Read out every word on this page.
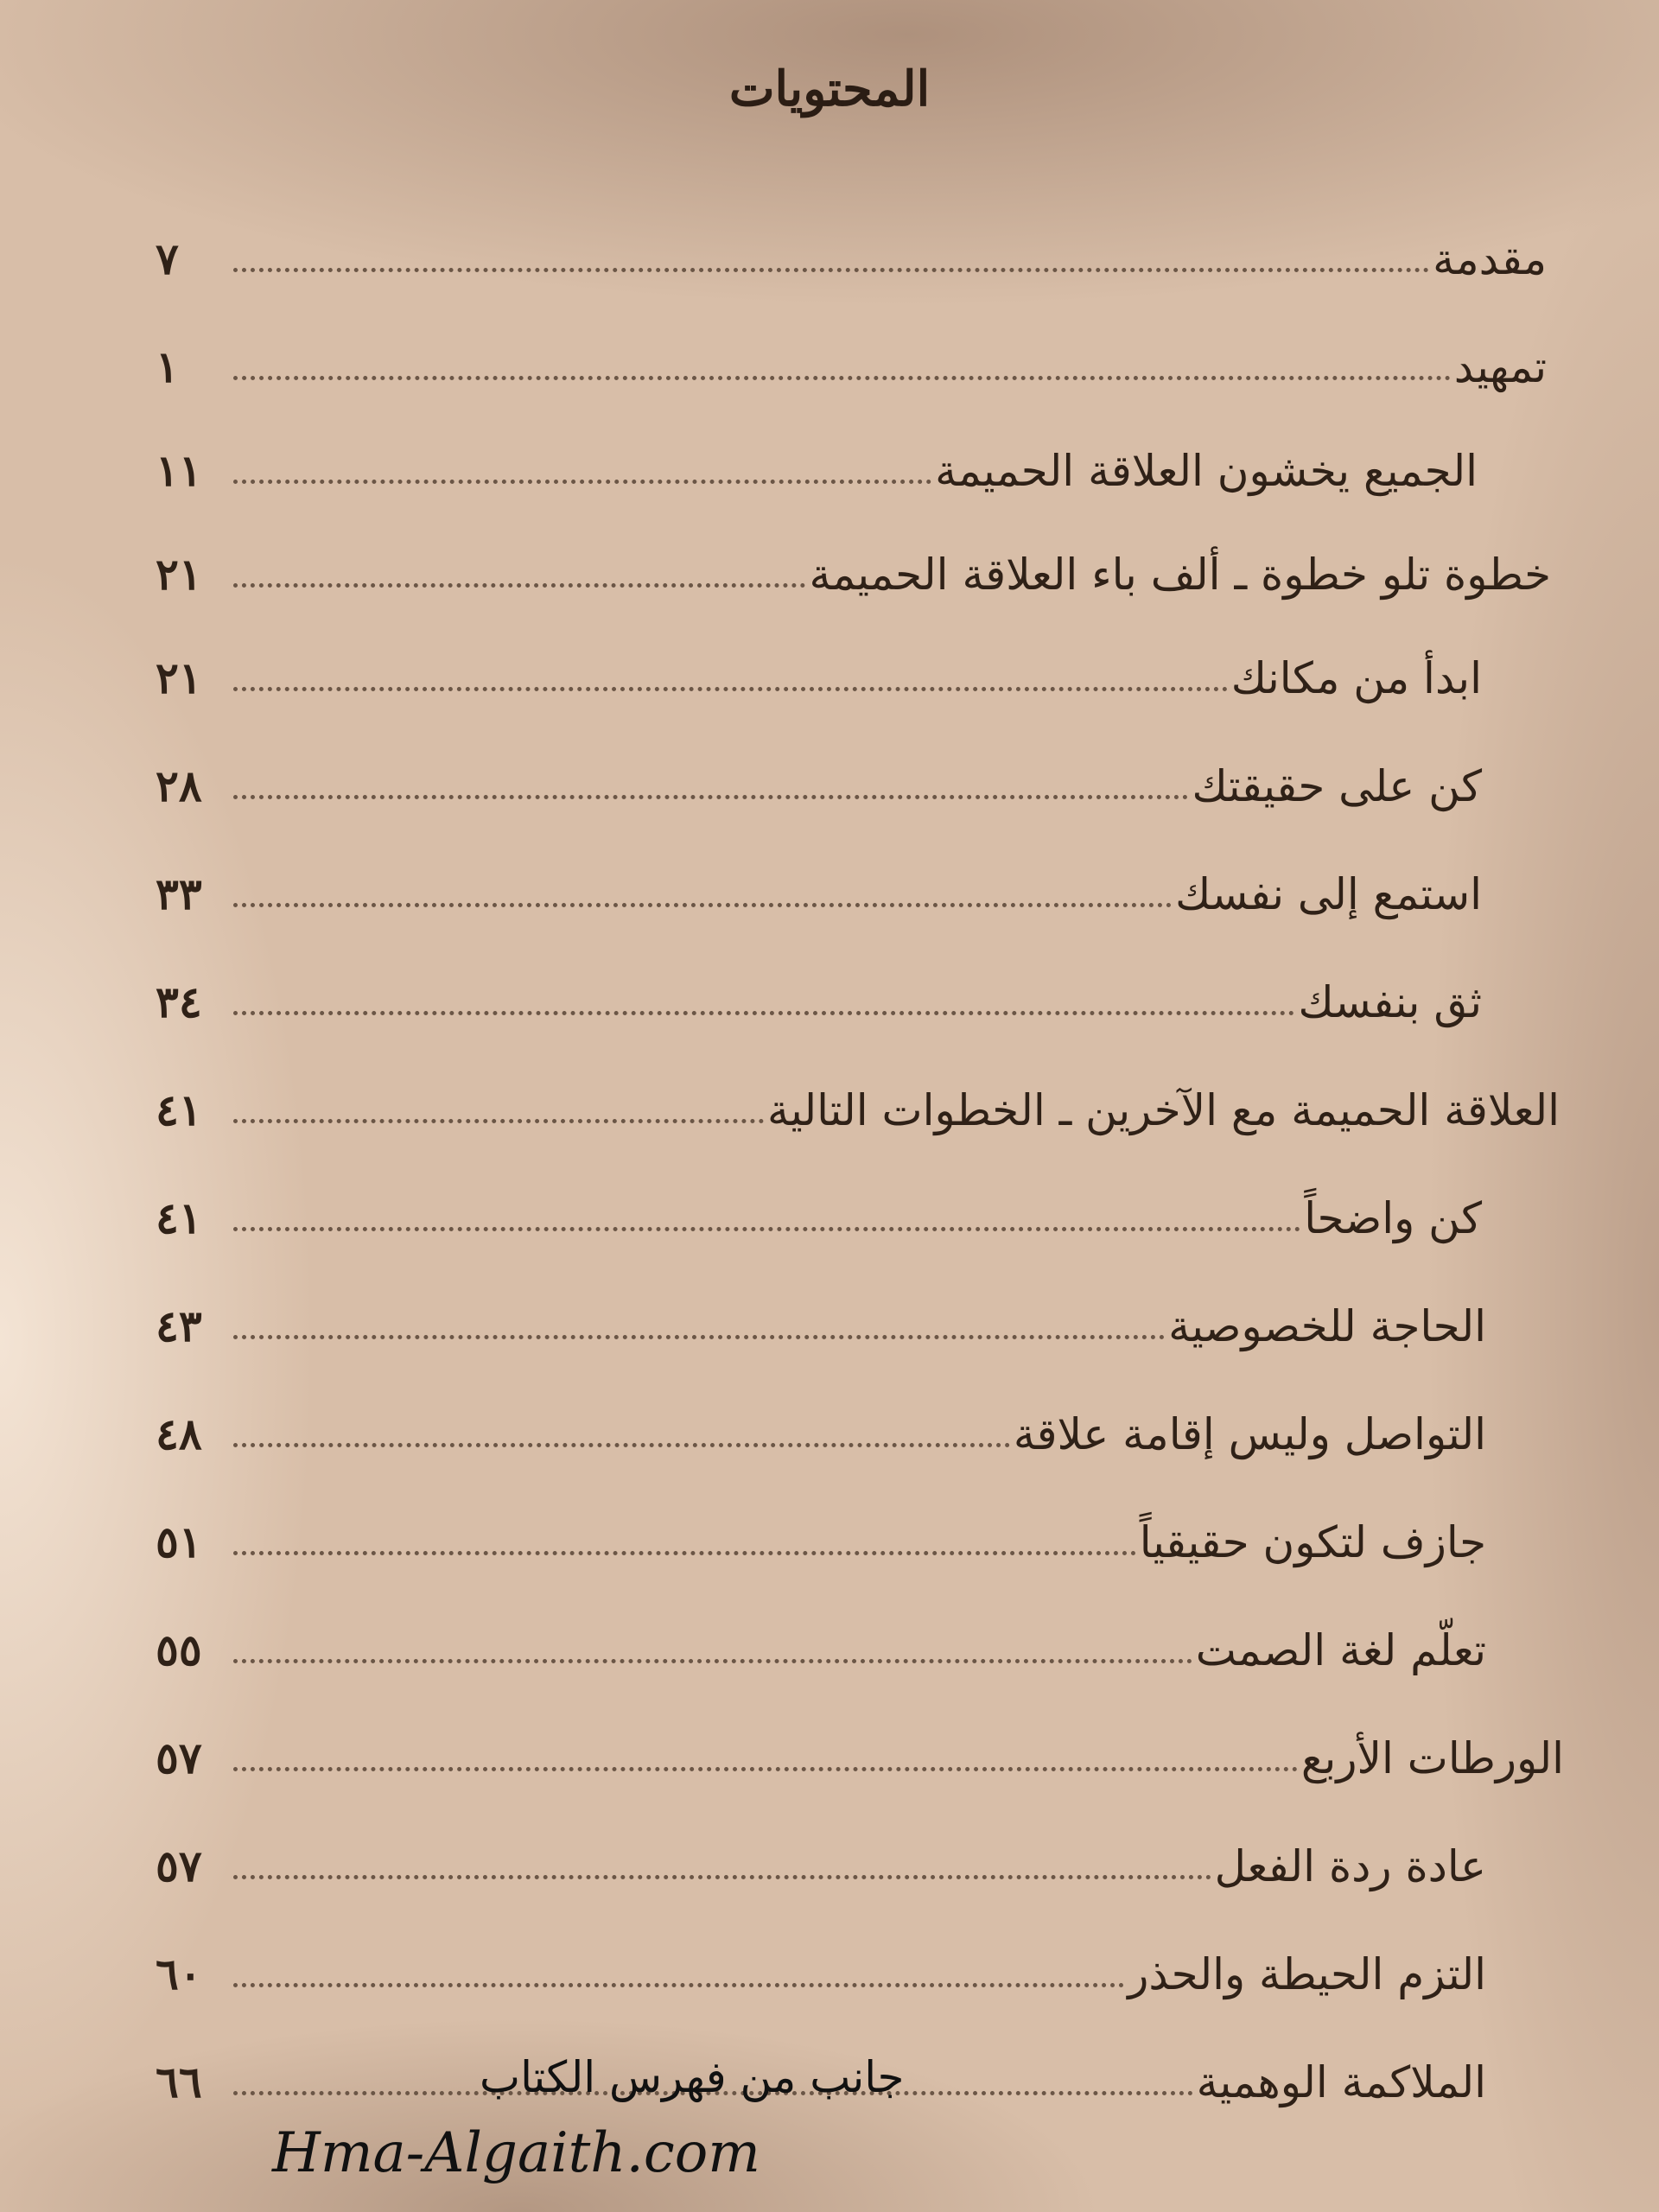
المحتويات
مقدمة
٧
تمهيد
١
الجميع يخشون العلاقة الحميمة
١١
خطوة تلو خطوة ـ ألف باء العلاقة الحميمة
٢١
ابدأ من مكانك
٢١
كن على حقيقتك
٢٨
استمع إلى نفسك
٣٣
ثق بنفسك
٣٤
العلاقة الحميمة مع الآخرين ـ الخطوات التالية
٤١
كن واضحاً
٤١
الحاجة للخصوصية
٤٣
التواصل وليس إقامة علاقة
٤٨
جازف لتكون حقيقياً
٥١
تعلّم لغة الصمت
٥٥
الورطات الأربع
٥٧
عادة ردة الفعل
٥٧
التزم الحيطة والحذر
٦٠
الملاكمة الوهمية
٦٦	جانب من فهرس الكتاب
Hma-Algaith.com
